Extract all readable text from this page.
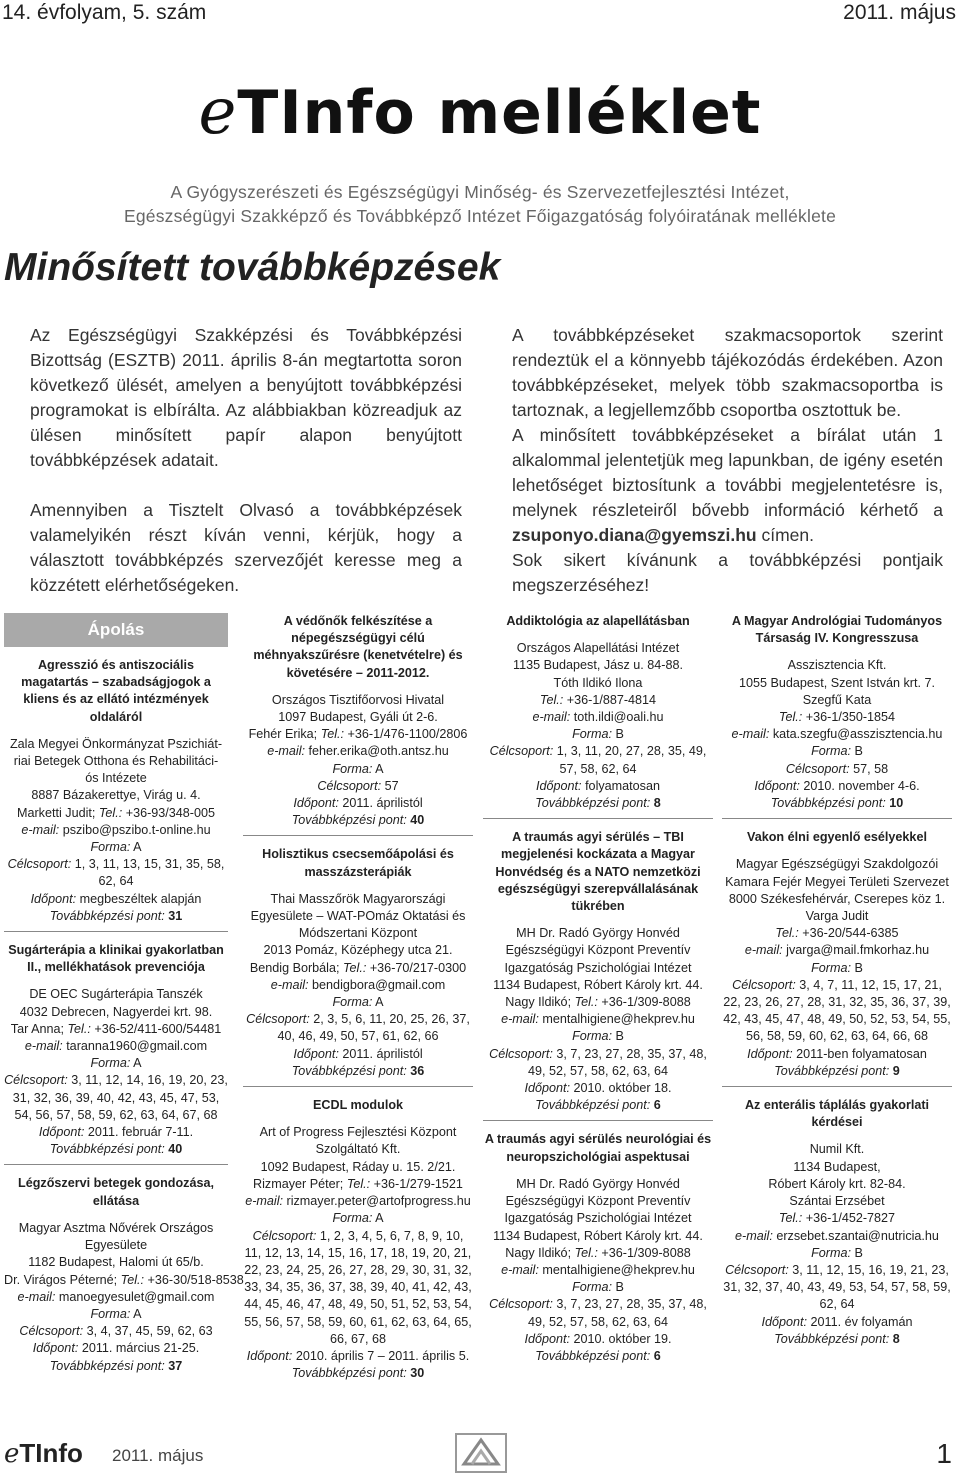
14. évfolyam, 5. szám	2011. május
eTInfo melléklet
A Gyógyszerészeti és Egészségügyi Minőség- és Szervezetfejlesztési Intézet,
Egészségügyi Szakképző és Továbbképző Intézet Főigazgatóság folyóiratának melléklete
Minősített továbbképzések

Az Egészségügyi Szakképzési és Továbbképzési Bizottság (ESZTB) 2011. április 8-án megtartotta soron következő ülését, amelyen a benyújtott továbbképzési programokat is elbírálta. Az alábbiakban közreadjuk az ülésen minősített papír alapon benyújtott továbbképzések adatait.

Amennyiben a Tisztelt Olvasó a továbbképzések valamelyikén részt kíván venni, kérjük, hogy a választott továbbképzés szervezőjét keresse meg a közzétett elérhetőségeken.

A továbbképzéseket szakmacsoportok szerint rendeztük el a könnyebb tájékozódás érdekében. Azon továbbképzéseket, melyek több szakmacsoportba is tartoznak, a legjellemzőbb csoportba osztottuk be.

A minősített továbbképzéseket a bírálat után 1 alkalommal jelentetjük meg lapunkban, de igény esetén lehetőséget biztosítunk a további megjelentetésre is, melynek részleteiről bővebb információ kérhető a zsuponyo.diana@gyemszi.hu címen.

Sok sikert kívánunk a továbbképzési pontjaik megszerzéséhez!

Ápolás
Agresszió és antiszociális magatartás – szabadságjogok a kliens és az ellátó intézmények oldaláról
Zala Megyei Önkormányzat Pszichiát-
riai Betegek Otthona és Rehabilitáci-
ós Intézete
8887 Bázakerettye, Virág u. 4.
Marketti Judit; Tel.: +36-93/348-005
e-mail: pszibo@pszibo.t-online.hu
Forma: A
Célcsoport: 1, 3, 11, 13, 15, 31, 35, 58, 62, 64
Időpont: megbeszéltek alapján
Továbbképzési pont: 31
Sugárterápia a klinikai gyakorlatban II., mellékhatások prevenciója
DE OEC Sugárterápia Tanszék
4032 Debrecen, Nagyerdei krt. 98.
Tar Anna; Tel.: +36-52/411-600/54481
e-mail: taranna1960@gmail.com
Forma: A
Célcsoport: 3, 11, 12, 14, 16, 19, 20, 23, 31, 32, 36, 39, 40, 42, 43, 45, 47, 53, 54, 56, 57, 58, 59, 62, 63, 64, 67, 68
Időpont: 2011. február 7-11.
Továbbképzési pont: 40
Légzőszervi betegek gondozása, ellátása
Magyar Asztma Nővérek Országos
Egyesülete
1182 Budapest, Halomi út 65/b.
Dr. Virágos Péterné; Tel.: +36-30/518-8538
e-mail: manoegyesulet@gmail.com
Forma: A
Célcsoport: 3, 4, 37, 45, 59, 62, 63
Időpont: 2011. március 21-25.
Továbbképzési pont: 37
A védőnők felkészítése a népegészségügyi célú méhnyakszűrésre (kenetvételre) és követésére – 2011-2012.
Országos Tisztifőorvosi Hivatal
1097 Budapest, Gyáli út 2-6.
Fehér Erika; Tel.: +36-1/476-1100/2806
e-mail: feher.erika@oth.antsz.hu
Forma: A
Célcsoport: 57
Időpont: 2011. áprilistól
Továbbképzési pont: 40
Holisztikus csecsemőápolási és masszázsterápiák
Thai Masszőrök Magyarországi
Egyesülete – WAT-POmáz Oktatási és
Módszertani Központ
2013 Pomáz, Középhegy utca 21.
Bendig Borbála; Tel.: +36-70/217-0300
e-mail: bendigbora@gmail.com
Forma: A
Célcsoport: 2, 3, 5, 6, 11, 20, 25, 26, 37, 40, 46, 49, 50, 57, 61, 62, 66
Időpont: 2011. áprilistól
Továbbképzési pont: 36
ECDL modulok
Art of Progress Fejlesztési Központ
Szolgáltató Kft.
1092 Budapest, Ráday u. 15. 2/21.
Rizmayer Péter; Tel.: +36-1/279-1521
e-mail: rizmayer.peter@artofprogress.hu
Forma: A
Célcsoport: 1, 2, 3, 4, 5, 6, 7, 8, 9, 10, 11, 12, 13, 14, 15, 16, 17, 18, 19, 20, 21, 22, 23, 24, 25, 26, 27, 28, 29, 30, 31, 32, 33, 34, 35, 36, 37, 38, 39, 40, 41, 42, 43, 44, 45, 46, 47, 48, 49, 50, 51, 52, 53, 54, 55, 56, 57, 58, 59, 60, 61, 62, 63, 64, 65, 66, 67, 68
Időpont: 2010. április 7 – 2011. április 5.
Továbbképzési pont: 30
Addiktológia az alapellátásban
Országos Alapellátási Intézet
1135 Budapest, Jász u. 84-88.
Tóth Ildikó Ilona
Tel.: +36-1/887-4814
e-mail: toth.ildi@oali.hu
Forma: B
Célcsoport: 1, 3, 11, 20, 27, 28, 35, 49, 57, 58, 62, 64
Időpont: folyamatosan
Továbbképzési pont: 8
A traumás agyi sérülés – TBI megjelenési kockázata a Magyar Honvédség és a NATO nemzetközi egészségügyi szerepvállalásának tükrében
MH Dr. Radó György Honvéd
Egészségügyi Központ Preventív
Igazgatóság Pszichológiai Intézet
1134 Budapest, Róbert Károly krt. 44.
Nagy Ildikó; Tel.: +36-1/309-8088
e-mail: mentalhigiene@hekprev.hu
Forma: B
Célcsoport: 3, 7, 23, 27, 28, 35, 37, 48, 49, 52, 57, 58, 62, 63, 64
Időpont: 2010. október 18.
Továbbképzési pont: 6
A traumás agyi sérülés neurológiai és neuropszichológiai aspektusai
MH Dr. Radó György Honvéd
Egészségügyi Központ Preventív
Igazgatóság Pszichológiai Intézet
1134 Budapest, Róbert Károly krt. 44.
Nagy Ildikó; Tel.: +36-1/309-8088
e-mail: mentalhigiene@hekprev.hu
Forma: B
Célcsoport: 3, 7, 23, 27, 28, 35, 37, 48, 49, 52, 57, 58, 62, 63, 64
Időpont: 2010. október 19.
Továbbképzési pont: 6
A Magyar Andrológiai Tudományos Társaság IV. Kongresszusa
Asszisztencia Kft.
1055 Budapest, Szent István krt. 7.
Szegfű Kata
Tel.: +36-1/350-1854
e-mail: kata.szegfu@asszisztencia.hu
Forma: B
Célcsoport: 57, 58
Időpont: 2010. november 4-6.
Továbbképzési pont: 10
Vakon élni egyenlő esélyekkel
Magyar Egészségügyi Szakdolgozói
Kamara Fejér Megyei Területi Szervezet
8000 Székesfehérvár, Cserepes köz 1.
Varga Judit
Tel.: +36-20/544-6385
e-mail: jvarga@mail.fmkorhaz.hu
Forma: B
Célcsoport: 3, 4, 7, 11, 12, 15, 17, 21, 22, 23, 26, 27, 28, 31, 32, 35, 36, 37, 39, 42, 43, 45, 47, 48, 49, 50, 52, 53, 54, 55, 56, 58, 59, 60, 62, 63, 64, 66, 68
Időpont: 2011-ben folyamatosan
Továbbképzési pont: 9
Az enterális táplálás gyakorlati kérdései
Numil Kft.
1134 Budapest,
Róbert Károly krt. 82-84.
Szántai Erzsébet
Tel.: +36-1/452-7827
e-mail: erzsebet.szantai@nutricia.hu
Forma: B
Célcsoport: 3, 11, 12, 15, 16, 19, 21, 23, 31, 32, 37, 40, 43, 49, 53, 54, 57, 58, 59, 62, 64
Időpont: 2011. év folyamán
Továbbképzési pont: 8
eTInfo 2011. május	1
